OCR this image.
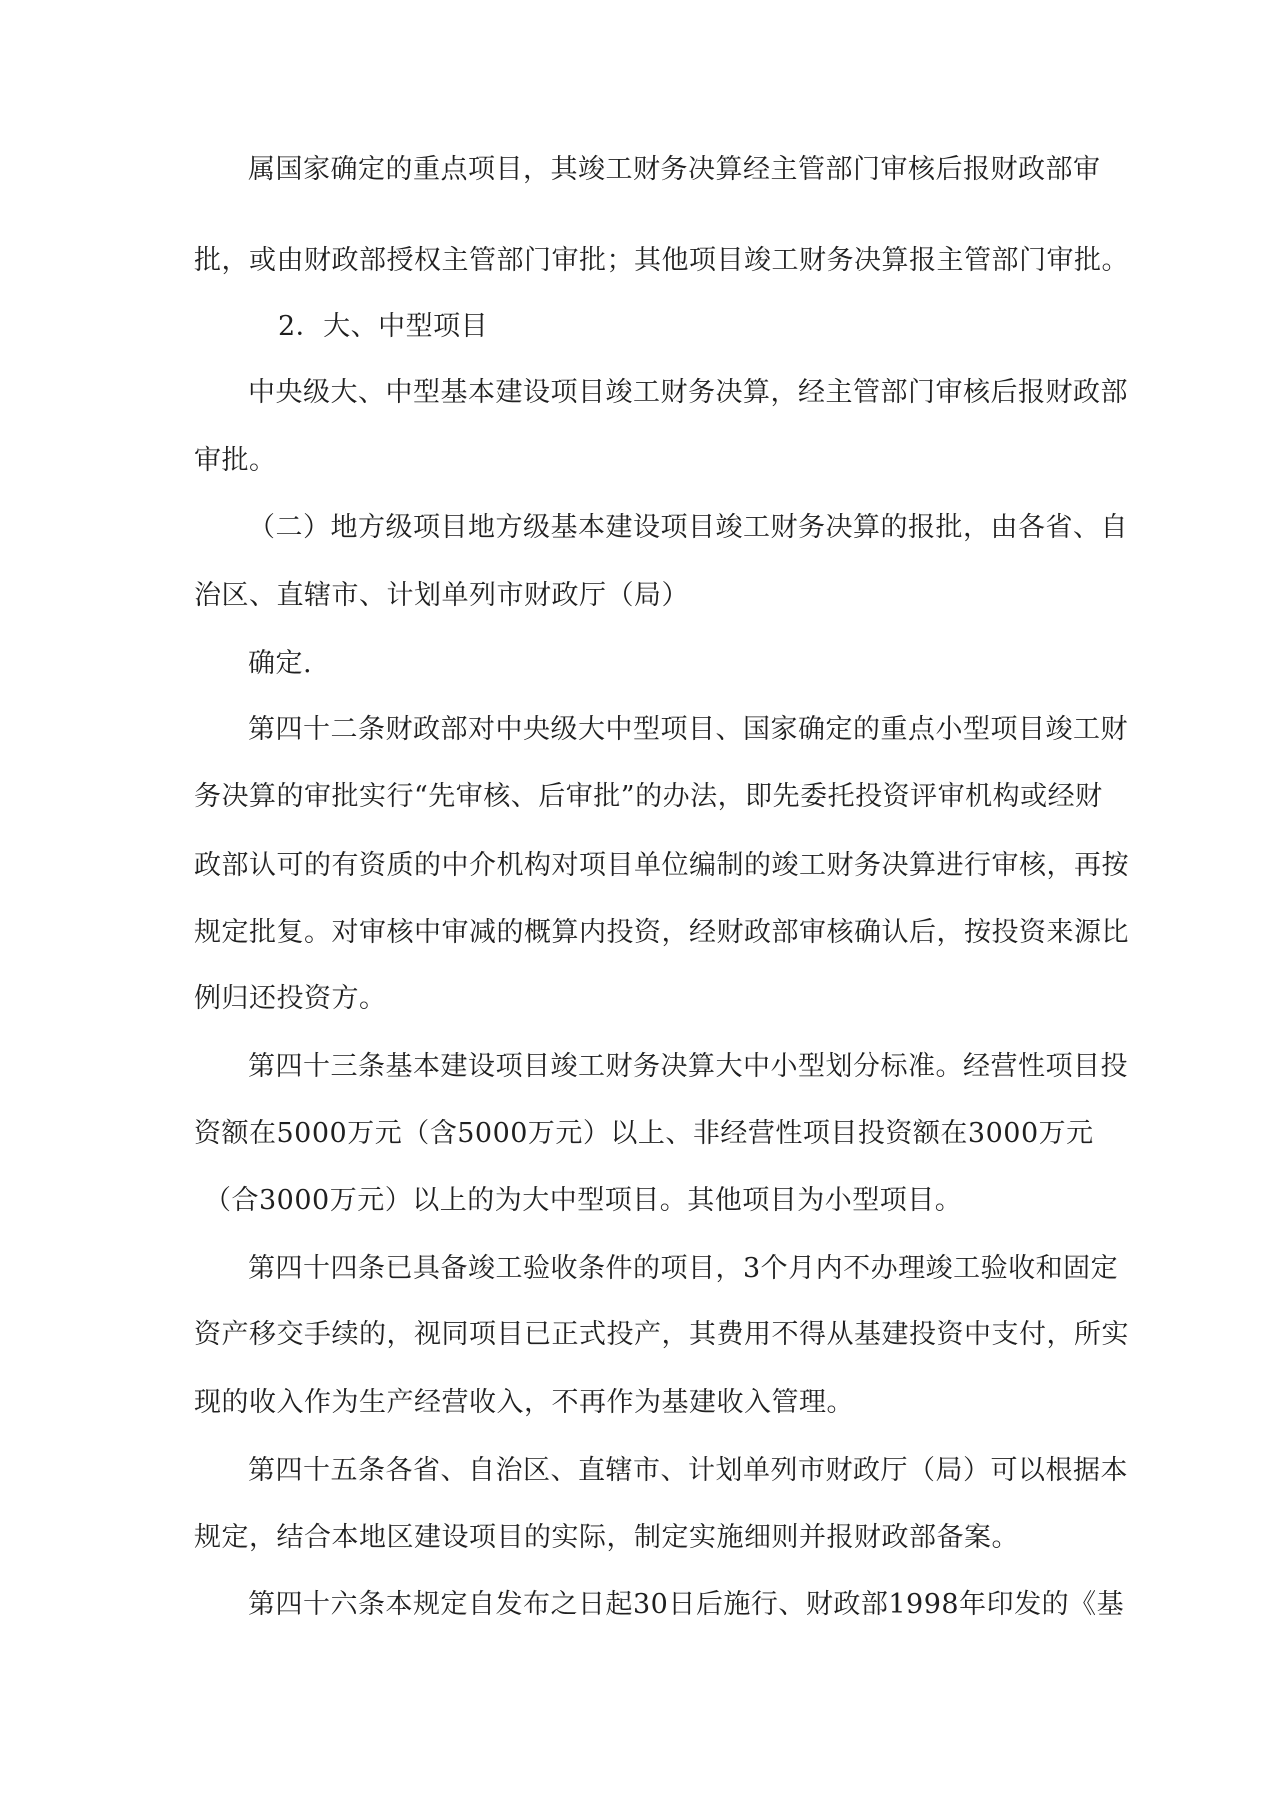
属国家确定的重点项目，其竣工财务决算经主管部门审核后报财政部审
批，或由财政部授权主管部门审批；其他项目竣工财务决算报主管部门审批。
2．大、中型项目
中央级大、中型基本建设项目竣工财务决算，经主管部门审核后报财政部
审批。
（二）地方级项目地方级基本建设项目竣工财务决算的报批，由各省、自
治区、直辖市、计划单列市财政厅（局）
确定.
第四十二条财政部对中央级大中型项目、国家确定的重点小型项目竣工财
务决算的审批实行“先审核、后审批”的办法，即先委托投资评审机构或经财
政部认可的有资质的中介机构对项目单位编制的竣工财务决算进行审核，再按
规定批复。对审核中审减的概算内投资，经财政部审核确认后，按投资来源比
例归还投资方。
第四十三条基本建设项目竣工财务决算大中小型划分标准。经营性项目投
资额在5000万元（含5000万元）以上、非经营性项目投资额在3000万元
（合3000万元）以上的为大中型项目。其他项目为小型项目。
第四十四条已具备竣工验收条件的项目，3个月内不办理竣工验收和固定
资产移交手续的，视同项目已正式投产，其费用不得从基建投资中支付，所实
现的收入作为生产经营收入，不再作为基建收入管理。
第四十五条各省、自治区、直辖市、计划单列市财政厅（局）可以根据本
规定，结合本地区建设项目的实际，制定实施细则并报财政部备案。
第四十六条本规定自发布之日起30日后施行、财政部1998年印发的《基
